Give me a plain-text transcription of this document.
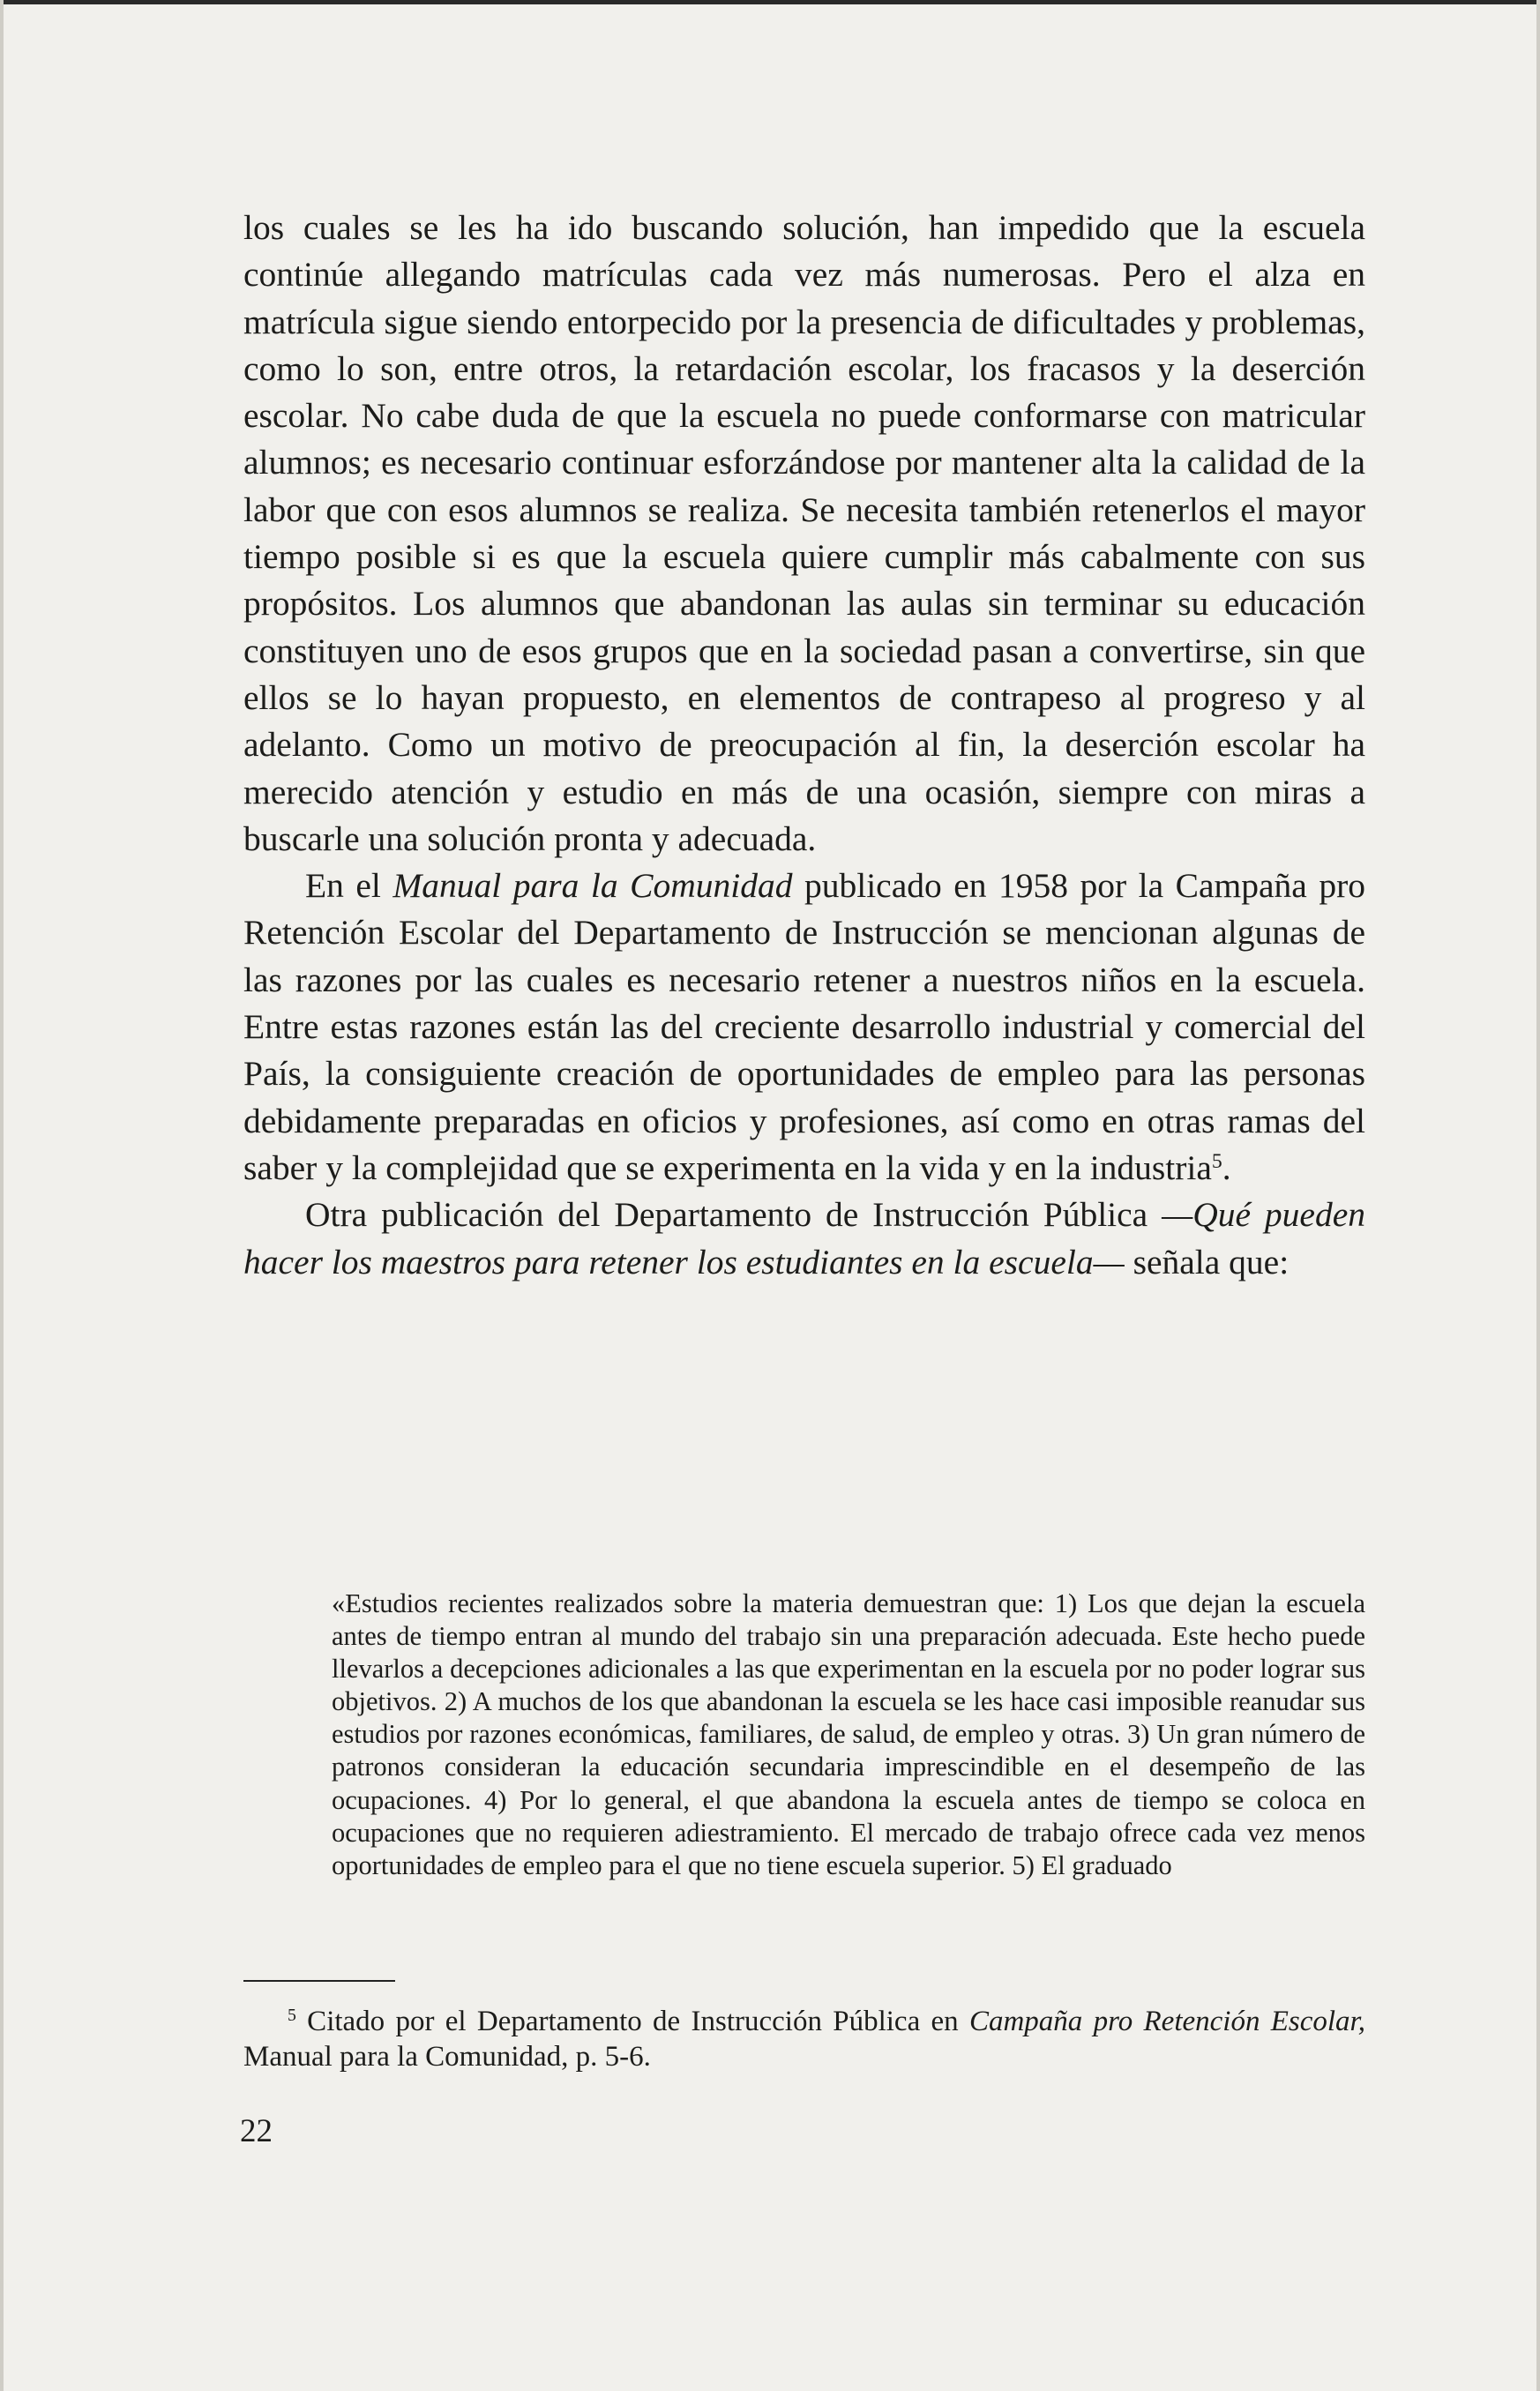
los cuales se les ha ido buscando solución, han impedido que la escuela continúe allegando matrículas cada vez más numerosas. Pero el alza en matrícula sigue siendo entorpecido por la presencia de dificultades y problemas, como lo son, entre otros, la retardación escolar, los fracasos y la deserción escolar. No cabe duda de que la escuela no puede conformarse con matricular alumnos; es necesario continuar esforzándose por mantener alta la calidad de la labor que con esos alumnos se realiza. Se necesita también retenerlos el mayor tiempo posible si es que la escuela quiere cumplir más cabalmente con sus propósitos. Los alumnos que abandonan las aulas sin terminar su educación constituyen uno de esos grupos que en la sociedad pasan a convertirse, sin que ellos se lo hayan propuesto, en elementos de contrapeso al progreso y al adelanto. Como un motivo de preocupación al fin, la deserción escolar ha merecido atención y estudio en más de una ocasión, siempre con miras a buscarle una solución pronta y adecuada.

En el Manual para la Comunidad publicado en 1958 por la Campaña pro Retención Escolar del Departamento de Instrucción se mencionan algunas de las razones por las cuales es necesario retener a nuestros niños en la escuela. Entre estas razones están las del creciente desarrollo industrial y comercial del País, la consiguiente creación de oportunidades de empleo para las personas debidamente preparadas en oficios y profesiones, así como en otras ramas del saber y la complejidad que se experimenta en la vida y en la industria$^5$.

Otra publicación del Departamento de Instrucción Pública —Qué pueden hacer los maestros para retener los estudiantes en la escuela— señala que:

«Estudios recientes realizados sobre la materia demuestran que: 1) Los que dejan la escuela antes de tiempo entran al mundo del trabajo sin una preparación adecuada. Este hecho puede llevarlos a decepciones adicionales a las que experimentan en la escuela por no poder lograr sus objetivos. 2) A muchos de los que abandonan la escuela se les hace casi imposible reanudar sus estudios por razones económicas, familiares, de salud, de empleo y otras. 3) Un gran número de patronos consideran la educación secundaria imprescindible en el desempeño de las ocupaciones. 4) Por lo general, el que abandona la escuela antes de tiempo se coloca en ocupaciones que no requieren adiestramiento. El mercado de trabajo ofrece cada vez menos oportunidades de empleo para el que no tiene escuela superior. 5) El graduado

$^5$ Citado por el Departamento de Instrucción Pública en Campaña pro Retención Escolar, Manual para la Comunidad, p. 5-6.
22
